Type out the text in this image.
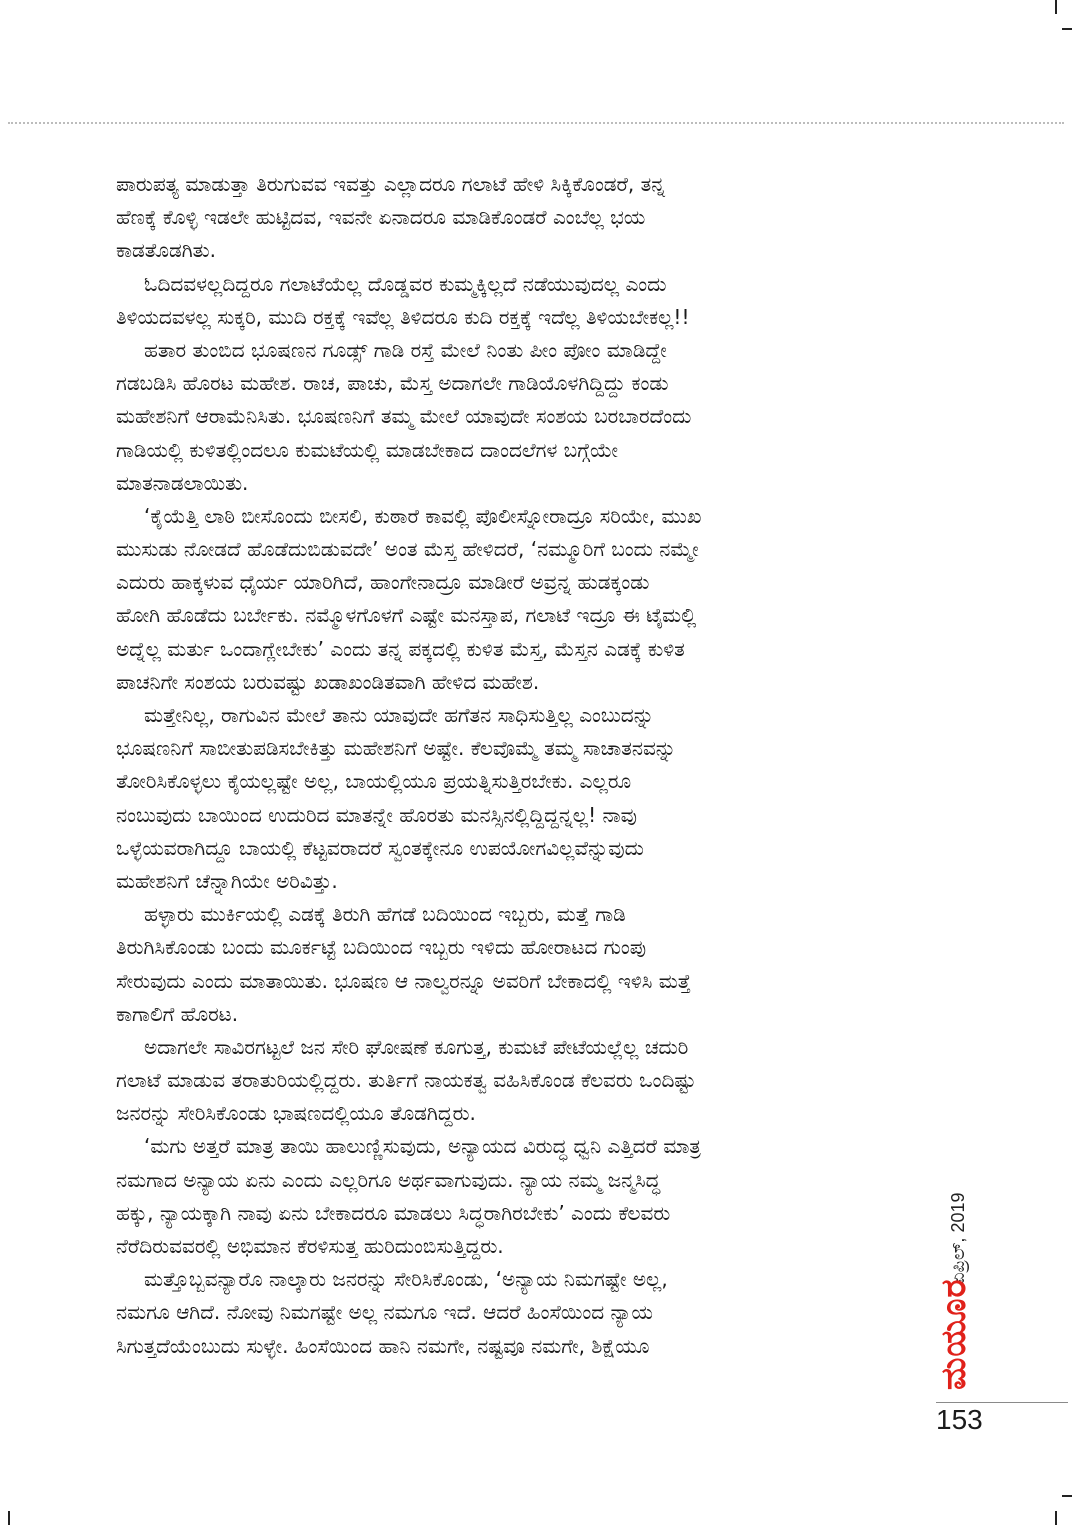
ಪಾರುಪತ್ಯ ಮಾಡುತ್ತಾ ತಿರುಗುವವ ಇವತ್ತು ಎಲ್ಲಾದರೂ ಗಲಾಟೆ ಹೇಳಿ ಸಿಕ್ಕಿಕೊಂಡರೆ, ತನ್ನ
ಹೆಣಕ್ಕೆ ಕೊಳ್ಳಿ ಇಡಲೇ ಹುಟ್ಟಿದವ, ಇವನೇ ಏನಾದರೂ ಮಾಡಿಕೊಂಡರೆ ಎಂಬೆಲ್ಲ ಭಯ
ಕಾಡತೊಡಗಿತು.
ಓದಿದವಳಲ್ಲದಿದ್ದರೂ ಗಲಾಟೆಯೆಲ್ಲ ದೊಡ್ಡವರ ಕುಮ್ಮಕ್ಕಿಲ್ಲದೆ ನಡೆಯುವುದಲ್ಲ ಎಂದು
ತಿಳಿಯದವಳಲ್ಲ ಸುಕ್ಕರಿ, ಮುದಿ ರಕ್ತಕ್ಕೆ ಇವೆಲ್ಲ ತಿಳಿದರೂ ಕುದಿ ರಕ್ತಕ್ಕೆ ಇದೆಲ್ಲ ತಿಳಿಯಬೇಕಲ್ಲ!!
ಹತಾರ ತುಂಬಿದ ಭೂಷಣನ ಗೂಡ್ಸ್ ಗಾಡಿ ರಸ್ತೆ ಮೇಲೆ ನಿಂತು ಪೀಂ ಪೋಂ ಮಾಡಿದ್ದೇ
ಗಡಬಡಿಸಿ ಹೊರಟ ಮಹೇಶ. ರಾಚ, ಪಾಚು, ಮೆಸ್ತ ಅದಾಗಲೇ ಗಾಡಿಯೊಳಗಿದ್ದಿದ್ದು ಕಂಡು
ಮಹೇಶನಿಗೆ ಆರಾಮೆನಿಸಿತು. ಭೂಷಣನಿಗೆ ತಮ್ಮ ಮೇಲೆ ಯಾವುದೇ ಸಂಶಯ ಬರಬಾರದೆಂದು
ಗಾಡಿಯಲ್ಲಿ ಕುಳಿತಲ್ಲಿಂದಲೂ ಕುಮಟೆಯಲ್ಲಿ ಮಾಡಬೇಕಾದ ದಾಂದಲೆಗಳ ಬಗ್ಗೆಯೇ
ಮಾತನಾಡಲಾಯಿತು.
‘ಕೈಯೆತ್ತಿ ಲಾಠಿ ಬೀಸೊಂದು ಬೀಸಲಿ, ಕುಠಾರೆ ಕಾವಲ್ಲಿ ಪೊಲೀಸ್ನೋರಾದ್ರೂ ಸರಿಯೇ, ಮುಖ
ಮುಸುಡು ನೋಡದೆ ಹೊಡೆದುಬಿಡುವದೇ’ ಅಂತ ಮೆಸ್ತ ಹೇಳಿದರೆ, ‘ನಮ್ಮೂರಿಗೆ ಬಂದು ನಮ್ಮೇ
ಎದುರು ಹಾಕ್ಕಳುವ ಧೈರ್ಯ ಯಾರಿಗಿದೆ, ಹಾಂಗೇನಾದ್ರೂ ಮಾಡೀರೆ ಅವ್ರನ್ನ ಹುಡಕ್ಕಂಡು
ಹೋಗಿ ಹೊಡೆದು ಬರ್ಬೇಕು. ನಮ್ಮೊಳಗೊಳಗೆ ಎಷ್ಟೇ ಮನಸ್ತಾಪ, ಗಲಾಟೆ ಇದ್ರೂ ಈ ಟೈಮಲ್ಲಿ
ಅದ್ನೆಲ್ಲ ಮರ್ತು ಒಂದಾಗ್ಲೇಬೇಕು’ ಎಂದು ತನ್ನ ಪಕ್ಕದಲ್ಲಿ ಕುಳಿತ ಮೆಸ್ತ, ಮೆಸ್ತನ ಎಡಕ್ಕೆ ಕುಳಿತ
ಪಾಚನಿಗೇ ಸಂಶಯ ಬರುವಷ್ಟು ಖಡಾಖಂಡಿತವಾಗಿ ಹೇಳಿದ ಮಹೇಶ.
ಮತ್ತೇನಿಲ್ಲ, ರಾಗುವಿನ ಮೇಲೆ ತಾನು ಯಾವುದೇ ಹಗೆತನ ಸಾಧಿಸುತ್ತಿಲ್ಲ ಎಂಬುದನ್ನು
ಭೂಷಣನಿಗೆ ಸಾಬೀತುಪಡಿಸಬೇಕಿತ್ತು ಮಹೇಶನಿಗೆ ಅಷ್ಟೇ. ಕೆಲವೊಮ್ಮೆ ತಮ್ಮ ಸಾಚಾತನವನ್ನು
ತೋರಿಸಿಕೊಳ್ಳಲು ಕೈಯಲ್ಲಷ್ಟೇ ಅಲ್ಲ, ಬಾಯಲ್ಲಿಯೂ ಪ್ರಯತ್ನಿಸುತ್ತಿರಬೇಕು. ಎಲ್ಲರೂ
ನಂಬುವುದು ಬಾಯಿಂದ ಉದುರಿದ ಮಾತನ್ನೇ ಹೊರತು ಮನಸ್ಸಿನಲ್ಲಿದ್ದಿದ್ದನ್ನಲ್ಲ! ನಾವು
ಒಳ್ಳೆಯವರಾಗಿದ್ದೂ ಬಾಯಲ್ಲಿ ಕೆಟ್ಟವರಾದರೆ ಸ್ವಂತಕ್ಕೇನೂ ಉಪಯೋಗವಿಲ್ಲವೆನ್ನುವುದು
ಮಹೇಶನಿಗೆ ಚೆನ್ನಾಗಿಯೇ ಅರಿವಿತ್ತು.
ಹಳ್ಳಾರು ಮುರ್ಕಿಯಲ್ಲಿ ಎಡಕ್ಕೆ ತಿರುಗಿ ಹೆಗಡೆ ಬದಿಯಿಂದ ಇಬ್ಬರು, ಮತ್ತೆ ಗಾಡಿ
ತಿರುಗಿಸಿಕೊಂಡು ಬಂದು ಮೂರ್ಕಟ್ಟೆ ಬದಿಯಿಂದ ಇಬ್ಬರು ಇಳಿದು ಹೋರಾಟದ ಗುಂಪು
ಸೇರುವುದು ಎಂದು ಮಾತಾಯಿತು. ಭೂಷಣ ಆ ನಾಲ್ವರನ್ನೂ ಅವರಿಗೆ ಬೇಕಾದಲ್ಲಿ ಇಳಿಸಿ ಮತ್ತೆ
ಕಾಗಾಲಿಗೆ ಹೊರಟ.
ಅದಾಗಲೇ ಸಾವಿರಗಟ್ಟಲೆ ಜನ ಸೇರಿ ಘೋಷಣೆ ಕೂಗುತ್ತ, ಕುಮಟೆ ಪೇಟೆಯಲ್ಲೆಲ್ಲ ಚದುರಿ
ಗಲಾಟೆ ಮಾಡುವ ತರಾತುರಿಯಲ್ಲಿದ್ದರು. ತುರ್ತಿಗೆ ನಾಯಕತ್ವ ವಹಿಸಿಕೊಂಡ ಕೆಲವರು ಒಂದಿಷ್ಟು
ಜನರನ್ನು ಸೇರಿಸಿಕೊಂಡು ಭಾಷಣದಲ್ಲಿಯೂ ತೊಡಗಿದ್ದರು.
‘ಮಗು ಅತ್ತರೆ ಮಾತ್ರ ತಾಯಿ ಹಾಲುಣ್ಣಿಸುವುದು, ಅನ್ಯಾಯದ ವಿರುದ್ಧ ಧ್ವನಿ ಎತ್ತಿದರೆ ಮಾತ್ರ
ನಮಗಾದ ಅನ್ಯಾಯ ಏನು ಎಂದು ಎಲ್ಲರಿಗೂ ಅರ್ಥವಾಗುವುದು. ನ್ಯಾಯ ನಮ್ಮ ಜನ್ಮಸಿದ್ಧ
ಹಕ್ಕು, ನ್ಯಾಯಕ್ಕಾಗಿ ನಾವು ಏನು ಬೇಕಾದರೂ ಮಾಡಲು ಸಿದ್ಧರಾಗಿರಬೇಕು’ ಎಂದು ಕೆಲವರು
ನೆರೆದಿರುವವರಲ್ಲಿ ಅಭಿಮಾನ ಕೆರಳಿಸುತ್ತ ಹುರಿದುಂಬಿಸುತ್ತಿದ್ದರು.
ಮತ್ತೊಬ್ಬವನ್ಯಾರೊ ನಾಲ್ಕಾರು ಜನರನ್ನು ಸೇರಿಸಿಕೊಂಡು, ‘ಅನ್ಯಾಯ ನಿಮಗಷ್ಟೇ ಅಲ್ಲ,
ನಮಗೂ ಆಗಿದೆ. ನೋವು ನಿಮಗಷ್ಟೇ ಅಲ್ಲ ನಮಗೂ ಇದೆ. ಆದರೆ ಹಿಂಸೆಯಿಂದ ನ್ಯಾಯ
ಸಿಗುತ್ತದೆಯೆಂಬುದು ಸುಳ್ಳೇ. ಹಿಂಸೆಯಿಂದ ಹಾನಿ ನಮಗೇ, ನಷ್ಟವೂ ನಮಗೇ, ಶಿಕ್ಷೆಯೂ
ಏಪ್ರಿಲ್, 2019
ಮಯೂರ
153
